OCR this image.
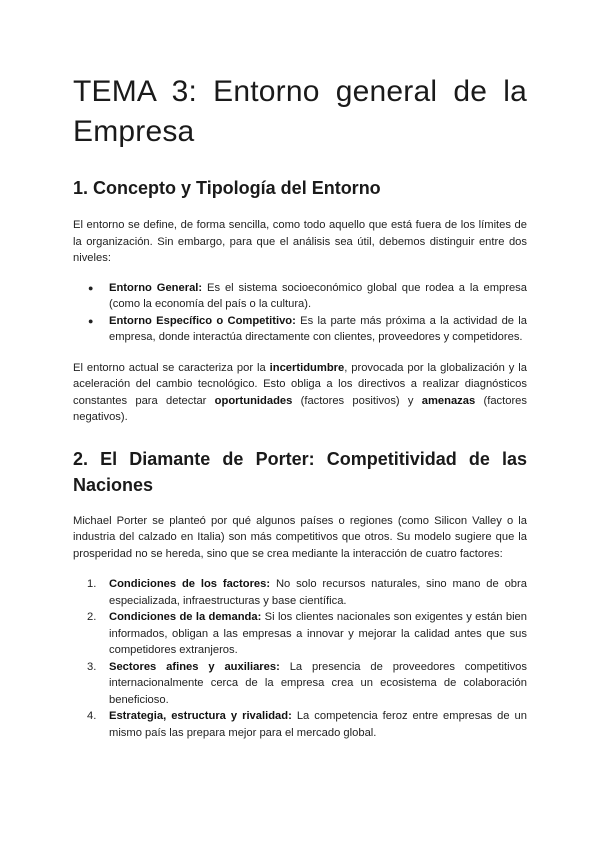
TEMA 3: Entorno general de la Empresa
1. Concepto y Tipología del Entorno

El entorno se define, de forma sencilla, como todo aquello que está fuera de los límites de la organización. Sin embargo, para que el análisis sea útil, debemos distinguir entre dos niveles:

● Entorno General: Es el sistema socioeconómico global que rodea a la empresa (como la economía del país o la cultura).
● Entorno Específico o Competitivo: Es la parte más próxima a la actividad de la empresa, donde interactúa directamente con clientes, proveedores y competidores.

El entorno actual se caracteriza por la incertidumbre, provocada por la globalización y la aceleración del cambio tecnológico. Esto obliga a los directivos a realizar diagnósticos constantes para detectar oportunidades (factores positivos) y amenazas (factores negativos).

2. El Diamante de Porter: Competitividad de las Naciones

Michael Porter se planteó por qué algunos países o regiones (como Silicon Valley o la industria del calzado en Italia) son más competitivos que otros. Su modelo sugiere que la prosperidad no se hereda, sino que se crea mediante la interacción de cuatro factores:

1. Condiciones de los factores: No solo recursos naturales, sino mano de obra especializada, infraestructuras y base científica.
2. Condiciones de la demanda: Si los clientes nacionales son exigentes y están bien informados, obligan a las empresas a innovar y mejorar la calidad antes que sus competidores extranjeros.
3. Sectores afines y auxiliares: La presencia de proveedores competitivos internacionalmente cerca de la empresa crea un ecosistema de colaboración beneficioso.
4. Estrategia, estructura y rivalidad: La competencia feroz entre empresas de un mismo país las prepara mejor para el mercado global.
